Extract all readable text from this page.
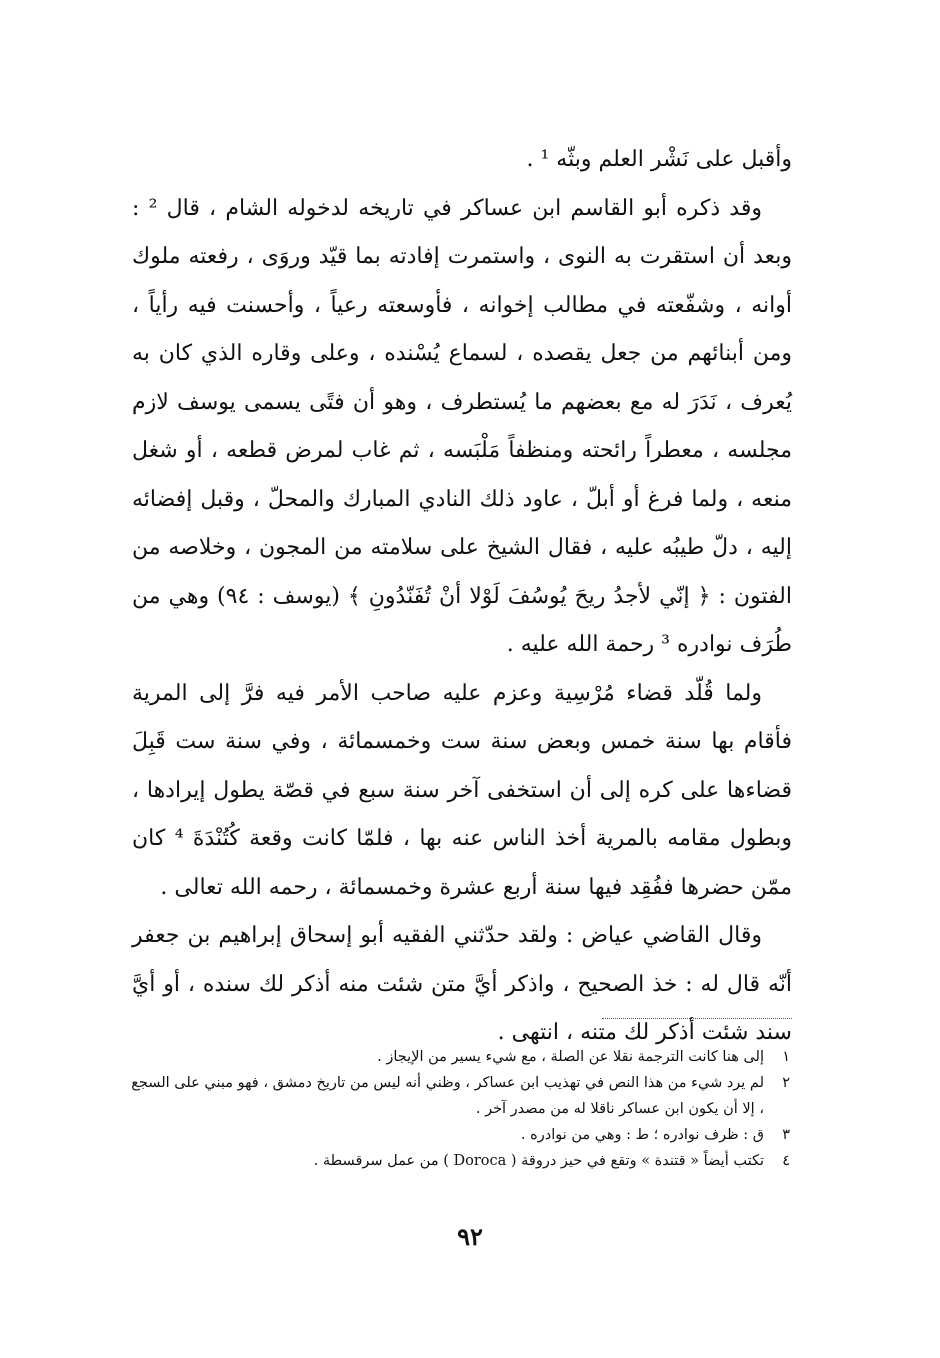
وأقبل على نَشْر العلم وبثّه ¹ .

وقد ذكره أبو القاسم ابن عساكر في تاريخه لدخوله الشام ، قال ² : وبعد أن استقرت به النوى ، واستمرت إفادته بما قيّد وروَى ، رفعته ملوك أوانه ، وشفّعته في مطالب إخوانه ، فأوسعته رعياً ، وأحسنت فيه رأياً ، ومن أبنائهم من جعل يقصده ، لسماع يُسْنده ، وعلى وقاره الذي كان به يُعرف ، نَدَرَ له مع بعضهم ما يُستطرف ، وهو أن فتًى يسمى يوسف لازم مجلسه ، معطراً رائحته ومنظفاً مَلْبَسه ، ثم غاب لمرض قطعه ، أو شغل منعه ، ولما فرغ أو أبلّ ، عاود ذلك النادي المبارك والمحلّ ، وقبل إفضائه إليه ، دلّ طيبُه عليه ، فقال الشيخ على سلامته من المجون ، وخلاصه من الفتون : ﴿ إنّي لأجدُ ريحَ يُوسُفَ لَوْلا أنْ تُفَنّدُونِ ﴾ (يوسف : ٩٤) وهي من طُرَف نوادره ³ رحمة الله عليه .

ولما قُلّد قضاء مُرْسِية وعزم عليه صاحب الأمر فيه فرَّ إلى المرية فأقام بها سنة خمس وبعض سنة ست وخمسمائة ، وفي سنة ست قَبِلَ قضاءها على كره إلى أن استخفى آخر سنة سبع في قصّة يطول إيرادها ، وبطول مقامه بالمرية أخذ الناس عنه بها ، فلمّا كانت وقعة كُتُنْدَةَ ⁴ كان ممّن حضرها ففُقِد فيها سنة أربع عشرة وخمسمائة ، رحمه الله تعالى .

وقال القاضي عياض : ولقد حدّثني الفقيه أبو إسحاق إبراهيم بن جعفر أنّه قال له : خذ الصحيح ، واذكر أيَّ متن شئت منه أذكر لك سنده ، أو أيَّ سند شئت أذكر لك متنه ، انتهى .

١
إلى هنا كانت الترجمة نقلا عن الصلة ، مع شيء يسير من الإيجاز .
٢
لم يرد شيء من هذا النص في تهذيب ابن عساكر ، وظني أنه ليس من تاريخ دمشق ، فهو مبني على السجع ، إلا أن يكون ابن عساكر ناقلا له من مصدر آخر .
٣
ق : ظرف نوادره ؛ ط : وهي من نوادره .
٤
تكتب أيضاً « قتندة » وتقع في حيز دروقة ( Doroca ) من عمل سرقسطة .
٩٢
